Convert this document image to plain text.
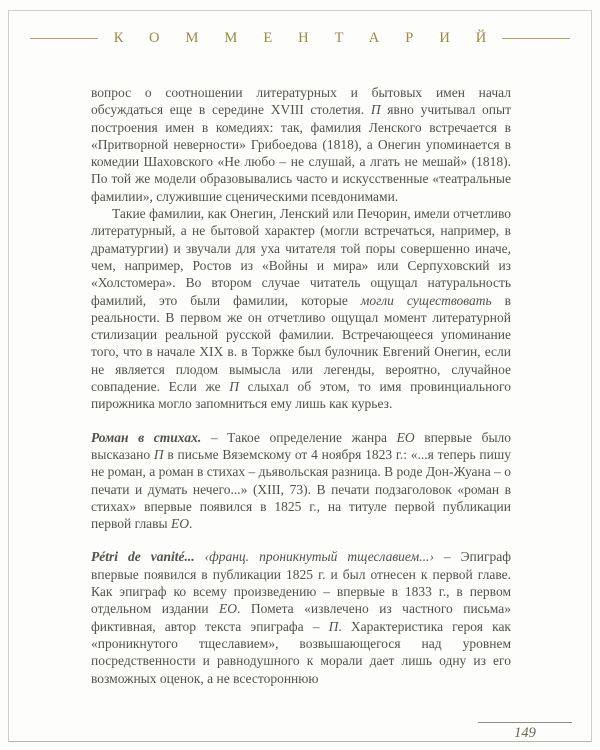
КОММЕНТАРИЙ

вопрос о соотношении литературных и бытовых имен начал обсуждаться еще в середине XVIII столетия. П явно учитывал опыт построения имен в комедиях: так, фамилия Ленского встречается в «Притворной неверности» Грибоедова (1818), а Онегин упоминается в комедии Шаховского «Не любо – не слушай, а лгать не мешай» (1818). По той же модели образовывались часто и искусственные «театральные фамилии», служившие сценическими псевдонимами.

Такие фамилии, как Онегин, Ленский или Печорин, имели отчетливо литературный, а не бытовой характер (могли встречаться, например, в драматургии) и звучали для уха читателя той поры совершенно иначе, чем, например, Ростов из «Войны и мира» или Серпуховский из «Холстомера». Во втором случае читатель ощущал натуральность фамилий, это были фамилии, которые могли существовать в реальности. В первом же он отчетливо ощущал момент литературной стилизации реальной русской фамилии. Встречающееся упоминание того, что в начале XIX в. в Торжке был булочник Евгений Онегин, если не является плодом вымысла или легенды, вероятно, случайное совпадение. Если же П слыхал об этом, то имя провинциального пирожника могло запомниться ему лишь как курьез.

Роман в стихах. – Такое определение жанра ЕО впервые было высказано П в письме Вяземскому от 4 ноября 1823 г.: «...я теперь пишу не роман, а роман в стихах – дьявольская разница. В роде Дон-Жуана – о печати и думать нечего...» (XIII, 73). В печати подзаголовок «роман в стихах» впервые появился в 1825 г., на титуле первой публикации первой главы ЕО.

Pétri de vanité... ‹франц. проникнутый тщеславием...› – Эпиграф впервые появился в публикации 1825 г. и был отнесен к первой главе. Как эпиграф ко всему произведению – впервые в 1833 г., в первом отдельном издании ЕО. Помета «извлечено из частного письма» фиктивная, автор текста эпиграфа – П. Характеристика героя как «проникнутого тщеславием», возвышающегося над уровнем посредственности и равнодушного к морали дает лишь одну из его возможных оценок, а не всестороннюю

149
